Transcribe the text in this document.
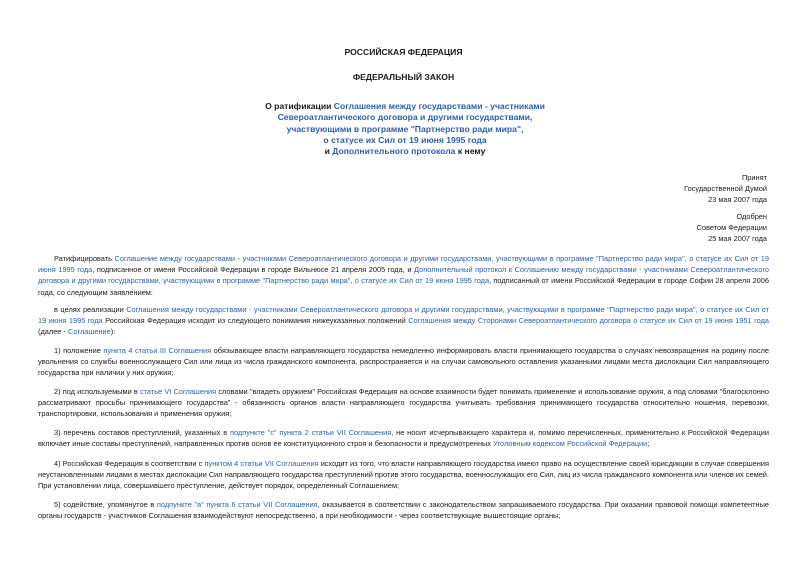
РОССИЙСКАЯ ФЕДЕРАЦИЯ
ФЕДЕРАЛЬНЫЙ ЗАКОН
О ратификации Соглашения между государствами - участниками
Североатлантического договора и другими государствами,
участвующими в программе "Партнерство ради мира",
о статусе их Сил от 19 июня 1995 года
и Дополнительного протокола к нему
Принят
Государственной Думой
23 мая 2007 года
Одобрен
Советом Федерации
25 мая 2007 года
Ратифицировать Соглашение между государствами - участниками Североатлантического договора и другими государствами, участвующими в программе "Партнерство ради мира", о статусе их Сил от 19 июня 1995 года, подписанное от имени Российской Федерации в городе Вильнюсе 21 апреля 2005 года, и Дополнительный протокол к Соглашению между государствами - участниками Североатлантического договора и другими государствами, участвующими в программе "Партнерство ради мира", о статусе их Сил от 19 июня 1995 года, подписанный от имени Российской Федерации в городе Софии 28 апреля 2006 года, со следующим заявлением:
в целях реализации Соглашения между государствами - участниками Североатлантического договора и другими государствами, участвующими в программе "Партнерство ради мира", о статусе их Сил от 19 июня 1995 года Российская Федерация исходит из следующего понимания нижеуказанных положений Соглашения между Сторонами Североатлантического договора о статусе их Сил от 19 июня 1951 года (далее - Соглашение):
1) положение пункта 4 статьи III Соглашения обязывающее власти направляющего государства немедленно информировать власти принимающего государства о случаях невозвращения на родину после увольнения со службы военнослужащего Сил или лица из числа гражданского компонента, распространяется и на случаи самовольного оставления указанными лицами места дислокации Сил направляющего государства при наличии у них оружия;
2) под используемыми в статье VI Соглашения словами "владеть оружием" Российская Федерация на основе взаимности будет понимать применение и использование оружия, а под словами "благосклонно рассматривают просьбы принимающего государства" - обязанность органов власти направляющего государства учитывать требования принимающего государства относительно ношения, перевозки, транспортировки, использования и применения оружия;
3) перечень составов преступлений, указанных в подпункте "с" пункта 2 статьи VII Соглашения, не носит исчерпывающего характера и, помимо перечисленных, применительно к Российской Федерации включает иные составы преступлений, направленных против основ ее конституционного строя и безопасности и предусмотренных Уголовным кодексом Российской Федерации;
4) Российская Федерация в соответствии с пунктом 4 статьи VII Соглашения исходит из того, что власти направляющего государства имеют право на осуществление своей юрисдикции в случае совершения неустановленными лицами в местах дислокации Сил направляющего государства преступлений против этого государства, военнослужащих его Сил, лиц из числа гражданского компонента или членов их семей. При установлении лица, совершившего преступление, действует порядок, определенный Соглашением;
5) содействие, упомянутое в подпункте "а" пункта 6 статьи VII Соглашения, оказывается в соответствии с законодательством запрашиваемого государства. При оказании правовой помощи компетентные органы государств - участников Соглашения взаимодействуют непосредственно, а при необходимости - через соответствующие вышестоящие органы;
